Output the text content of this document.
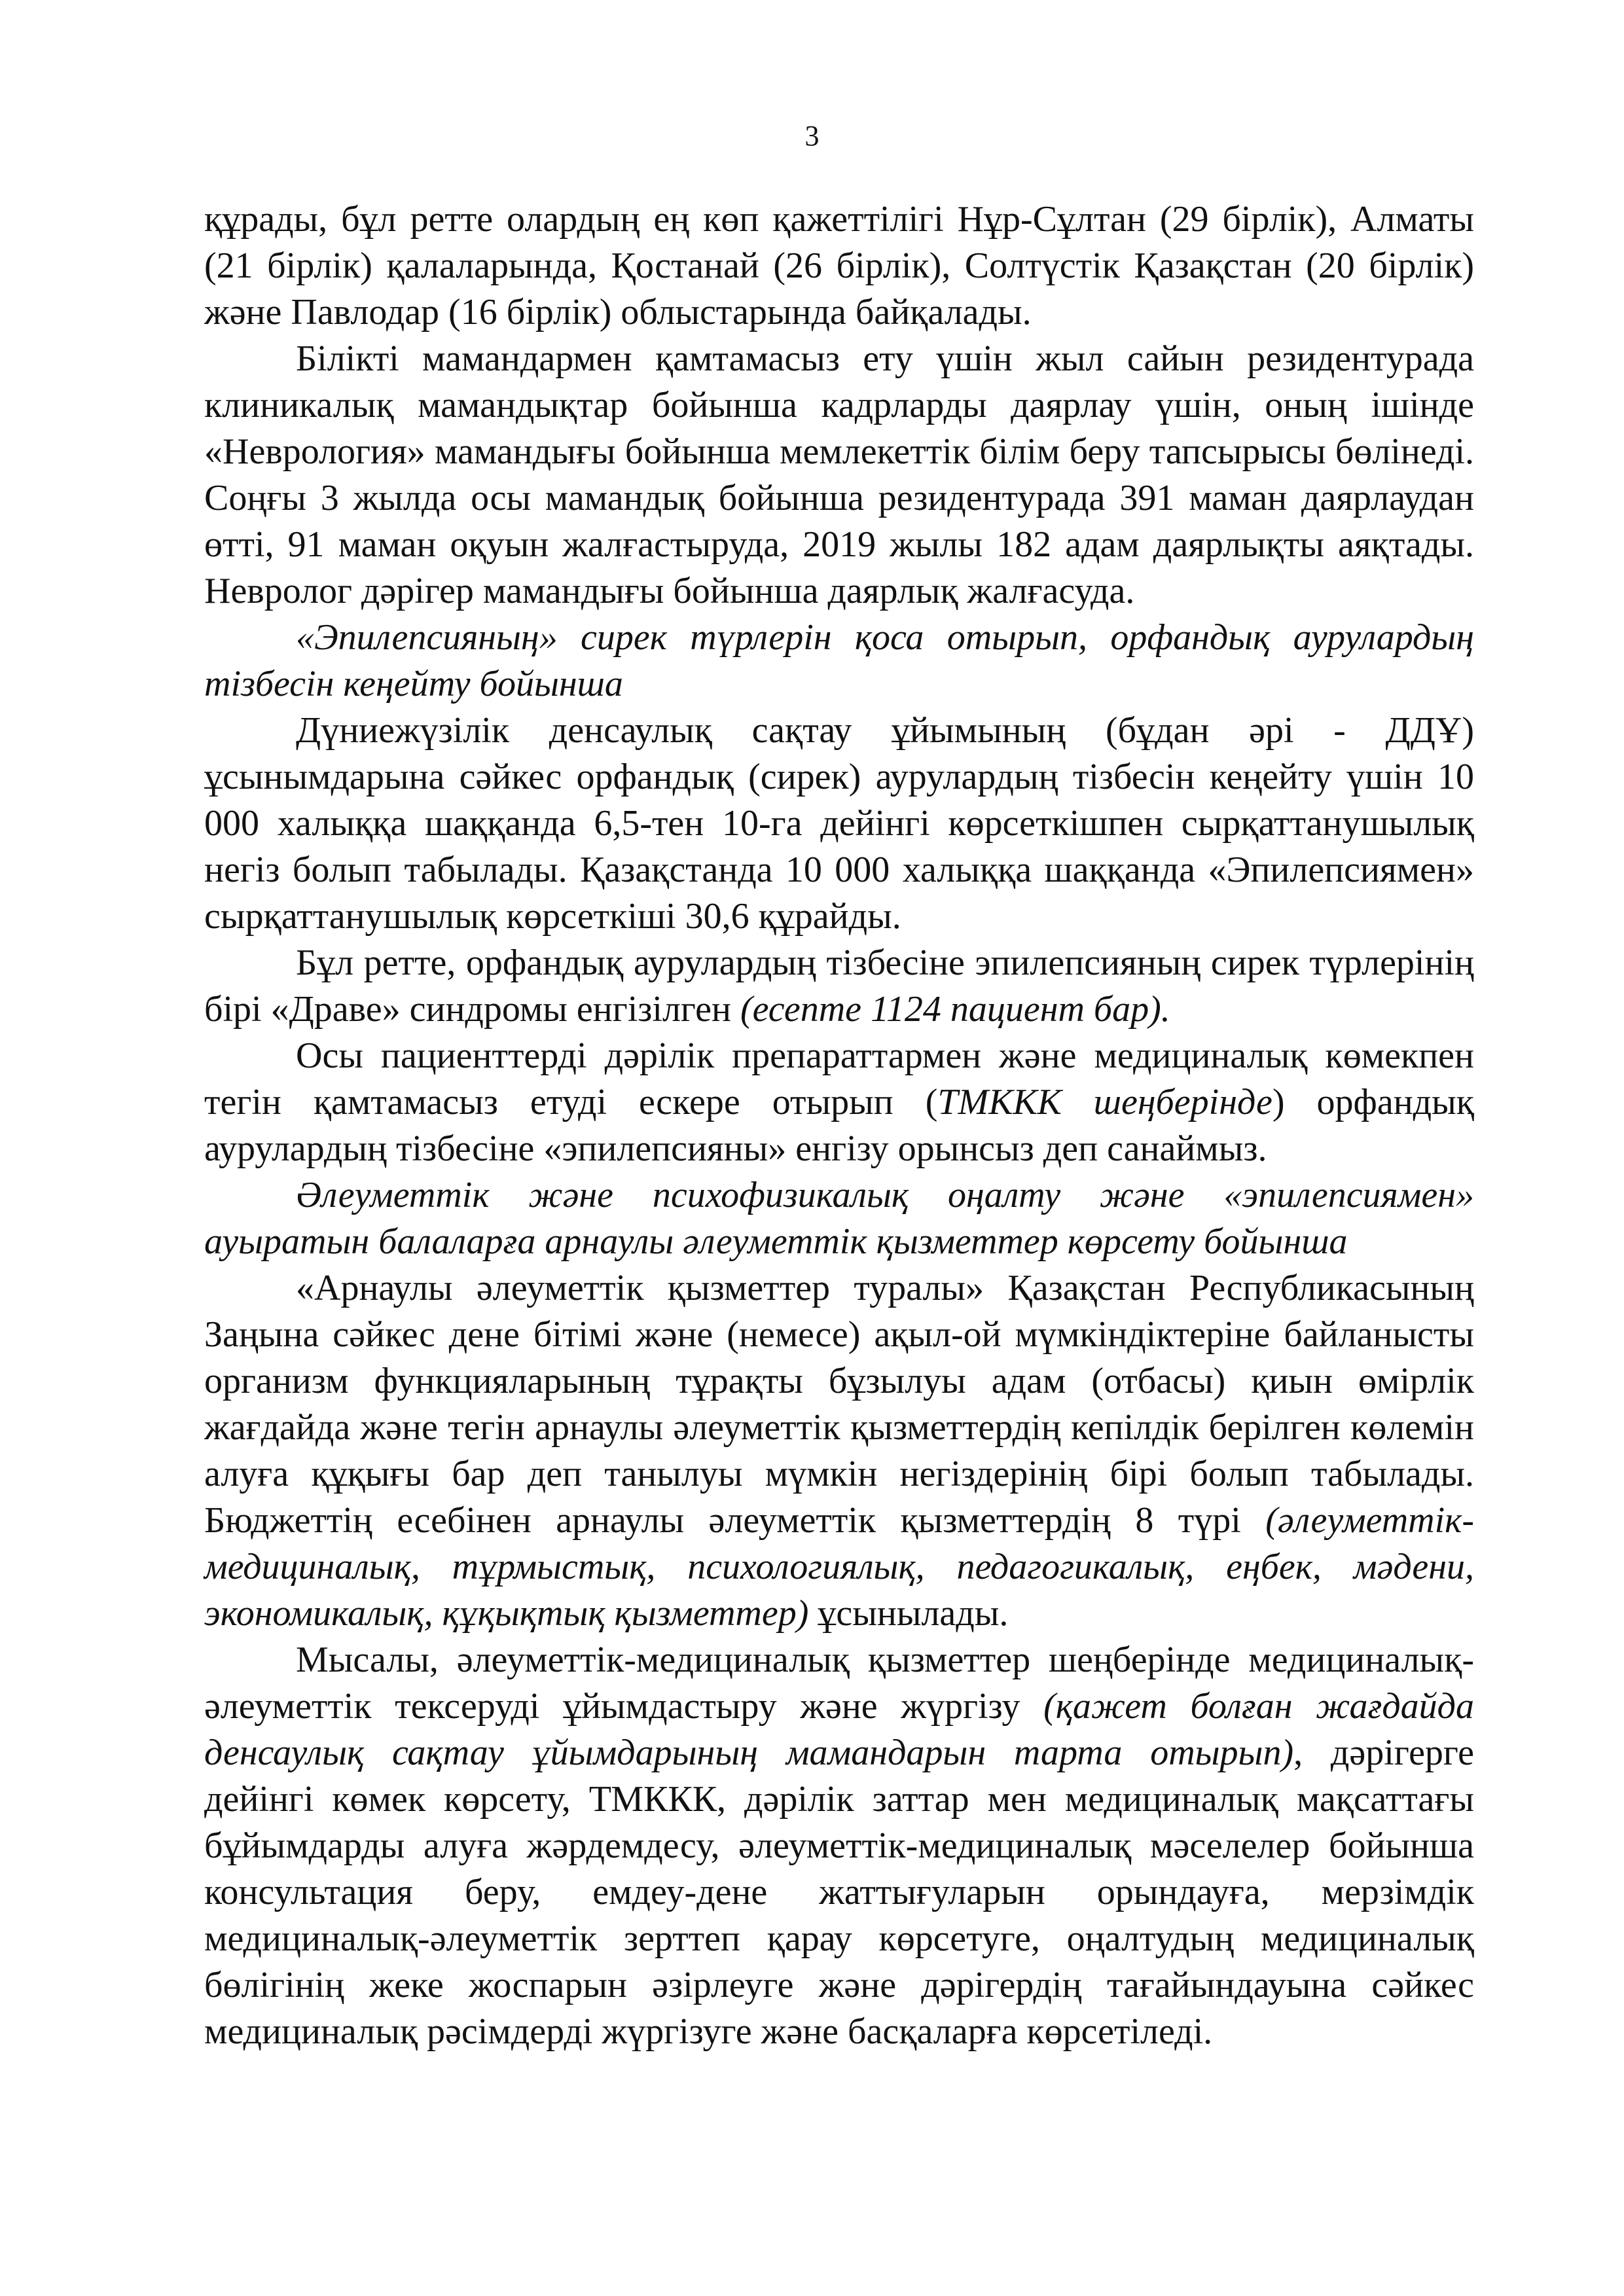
3

құрады, бұл ретте олардың ең көп қажеттілігі Нұр-Сұлтан (29 бірлік), Алматы (21 бірлік) қалаларында, Қостанай (26 бірлік), Солтүстік Қазақстан (20 бірлік) және Павлодар (16 бірлік) облыстарында байқалады.

Білікті мамандармен қамтамасыз ету үшін жыл сайын резидентурада клиникалық мамандықтар бойынша кадрларды даярлау үшін, оның ішінде «Неврология» мамандығы бойынша мемлекеттік білім беру тапсырысы бөлінеді. Соңғы 3 жылда осы мамандық бойынша резидентурада 391 маман даярлаудан өтті, 91 маман оқуын жалғастыруда, 2019 жылы 182 адам даярлықты аяқтады. Невролог дәрігер мамандығы бойынша даярлық жалғасуда.

«Эпилепсияның» сирек түрлерін қоса отырып, орфандық аурулардың тізбесін кеңейту бойынша

Дүниежүзілік денсаулық сақтау ұйымының (бұдан әрі - ДДҰ) ұсынымдарына сәйкес орфандық (сирек) аурулардың тізбесін кеңейту үшін 10 000 халыққа шаққанда 6,5-тен 10-га дейінгі көрсеткішпен сырқаттанушылық негіз болып табылады. Қазақстанда 10 000 халыққа шаққанда «Эпилепсиямен» сырқаттанушылық көрсеткіші 30,6 құрайды.

Бұл ретте, орфандық аурулардың тізбесіне эпилепсияның сирек түрлерінің бірі «Драве» синдромы енгізілген (есепте 1124 пациент бар).

Осы пациенттерді дәрілік препараттармен және медициналық көмекпен тегін қамтамасыз етуді ескере отырып (ТМККК шеңберінде) орфандық аурулардың тізбесіне «эпилепсияны» енгізу орынсыз деп санаймыз.

Әлеуметтік және психофизикалық оңалту және «эпилепсиямен» ауыратын балаларға арнаулы әлеуметтік қызметтер көрсету бойынша

«Арнаулы әлеуметтік қызметтер туралы» Қазақстан Республикасының Заңына сәйкес дене бітімі және (немесе) ақыл-ой мүмкіндіктеріне байланысты организм функцияларының тұрақты бұзылуы адам (отбасы) қиын өмірлік жағдайда және тегін арнаулы әлеуметтік қызметтердің кепілдік берілген көлемін алуға құқығы бар деп танылуы мүмкін негіздерінің бірі болып табылады. Бюджеттің есебінен арнаулы әлеуметтік қызметтердің 8 түрі (әлеуметтік-медициналық, тұрмыстық, психологиялық, педагогикалық, еңбек, мәдени, экономикалық, құқықтық қызметтер) ұсынылады.

Мысалы, әлеуметтік-медициналық қызметтер шеңберінде медициналық-әлеуметтік тексеруді ұйымдастыру және жүргізу (қажет болған жағдайда денсаулық сақтау ұйымдарының мамандарын тарта отырып), дәрігерге дейінгі көмек көрсету, ТМККК, дәрілік заттар мен медициналық мақсаттағы бұйымдарды алуға жәрдемдесу, әлеуметтік-медициналық мәселелер бойынша консультация беру, емдеу-дене жаттығуларын орындауға, мерзімдік медициналық-әлеуметтік зерттеп қарау көрсетуге, оңалтудың медициналық бөлігінің жеке жоспарын әзірлеуге және дәрігердің тағайындауына сәйкес медициналық рәсімдерді жүргізуге және басқаларға көрсетіледі.
